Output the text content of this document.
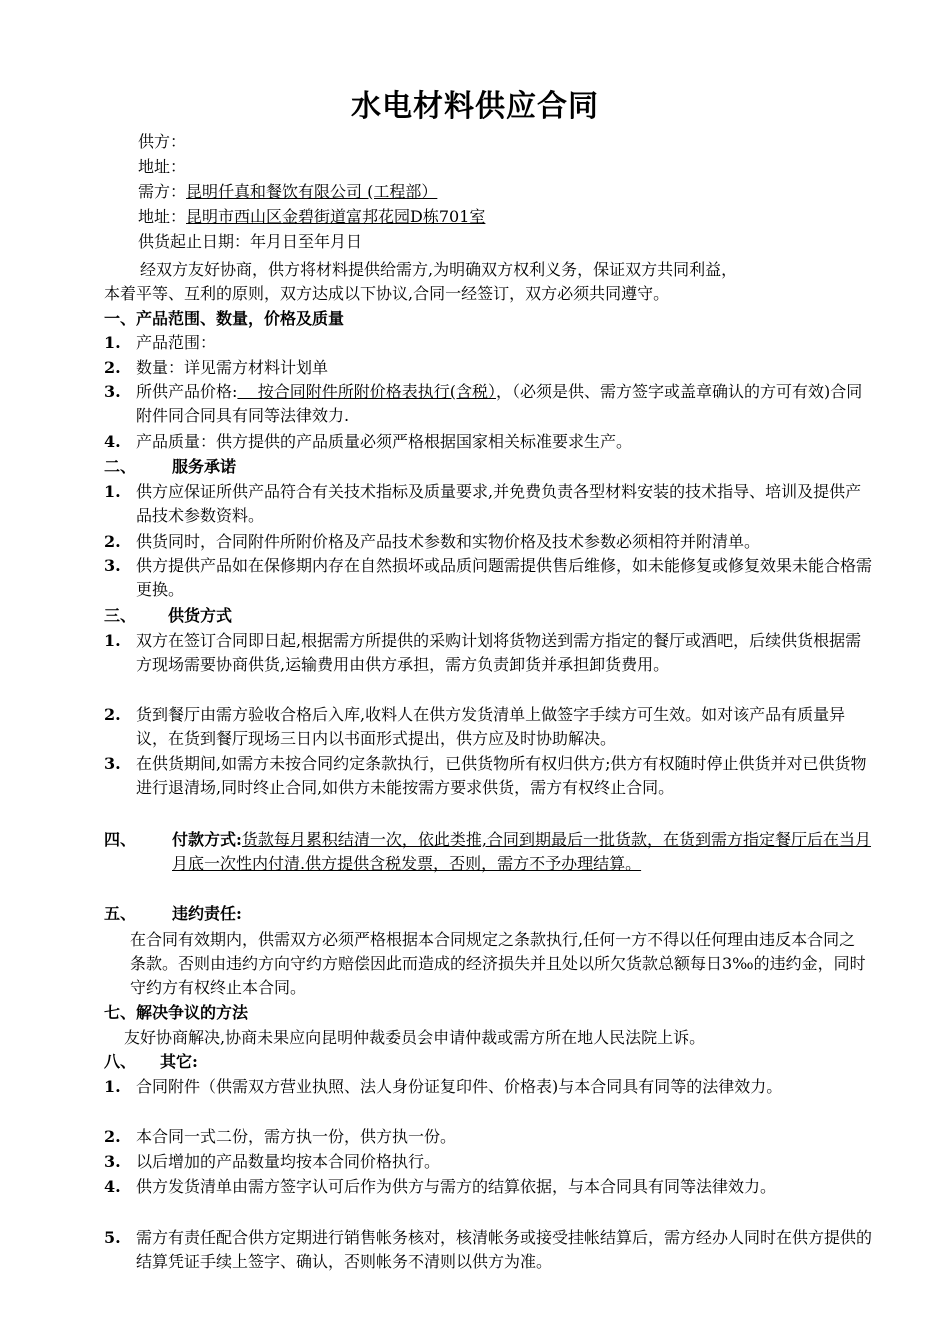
水电材料供应合同
供方：
地址：
需方：昆明仟真和餐饮有限公司 (工程部）
地址：昆明市西山区金碧街道富邦花园D栋701室
供货起止日期：年月日至年月日
经双方友好协商，供方将材料提供给需方,为明确双方权利义务，保证双方共同利益，
本着平等、互利的原则，双方达成以下协议,合同一经签订，双方必须共同遵守。
一、产品范围、数量，价格及质量
1. 产品范围：
2. 数量：详见需方材料计划单
3. 所供产品价格:    按合同附件所附价格表执行(含税），（必须是供、需方签字或盖章确认的方可有效)合同附件同合同具有同等法律效力.
4. 产品质量：供方提供的产品质量必须严格根据国家相关标准要求生产。
二、 服务承诺
1. 供方应保证所供产品符合有关技术指标及质量要求,并免费负责各型材料安装的技术指导、培训及提供产品技术参数资料。
2. 供货同时，合同附件所附价格及产品技术参数和实物价格及技术参数必须相符并附清单。
3. 供方提供产品如在保修期内存在自然损坏或品质问题需提供售后维修，如未能修复或修复效果未能合格需更换。
三、 供货方式
1. 双方在签订合同即日起,根据需方所提供的采购计划将货物送到需方指定的餐厅或酒吧，后续供货根据需方现场需要协商供货,运输费用由供方承担，需方负责卸货并承担卸货费用。
2. 货到餐厅由需方验收合格后入库,收料人在供方发货清单上做签字手续方可生效。如对该产品有质量异议，在货到餐厅现场三日内以书面形式提出，供方应及时协助解决。
3. 在供货期间,如需方未按合同约定条款执行，已供货物所有权归供方;供方有权随时停止供货并对已供货物进行退清场,同时终止合同,如供方未能按需方要求供货，需方有权终止合同。
四、 付款方式:货款每月累积结清一次，依此类推,合同到期最后一批货款，在货到需方指定餐厅后在当月月底一次性内付清.供方提供含税发票，否则，需方不予办理结算。
五、 违约责任:
在合同有效期内，供需双方必须严格根据本合同规定之条款执行,任何一方不得以任何理由违反本合同之条款。否则由违约方向守约方赔偿因此而造成的经济损失并且处以所欠货款总额每日3‰的违约金，同时守约方有权终止本合同。
七、解决争议的方法
友好协商解决,协商未果应向昆明仲裁委员会申请仲裁或需方所在地人民法院上诉。
八、 其它:
1. 合同附件（供需双方营业执照、法人身份证复印件、价格表)与本合同具有同等的法律效力。
2. 本合同一式二份，需方执一份，供方执一份。
3. 以后增加的产品数量均按本合同价格执行。
4. 供方发货清单由需方签字认可后作为供方与需方的结算依据，与本合同具有同等法律效力。
5. 需方有责任配合供方定期进行销售帐务核对，核清帐务或接受挂帐结算后，需方经办人同时在供方提供的结算凭证手续上签字、确认，否则帐务不清则以供方为准。
